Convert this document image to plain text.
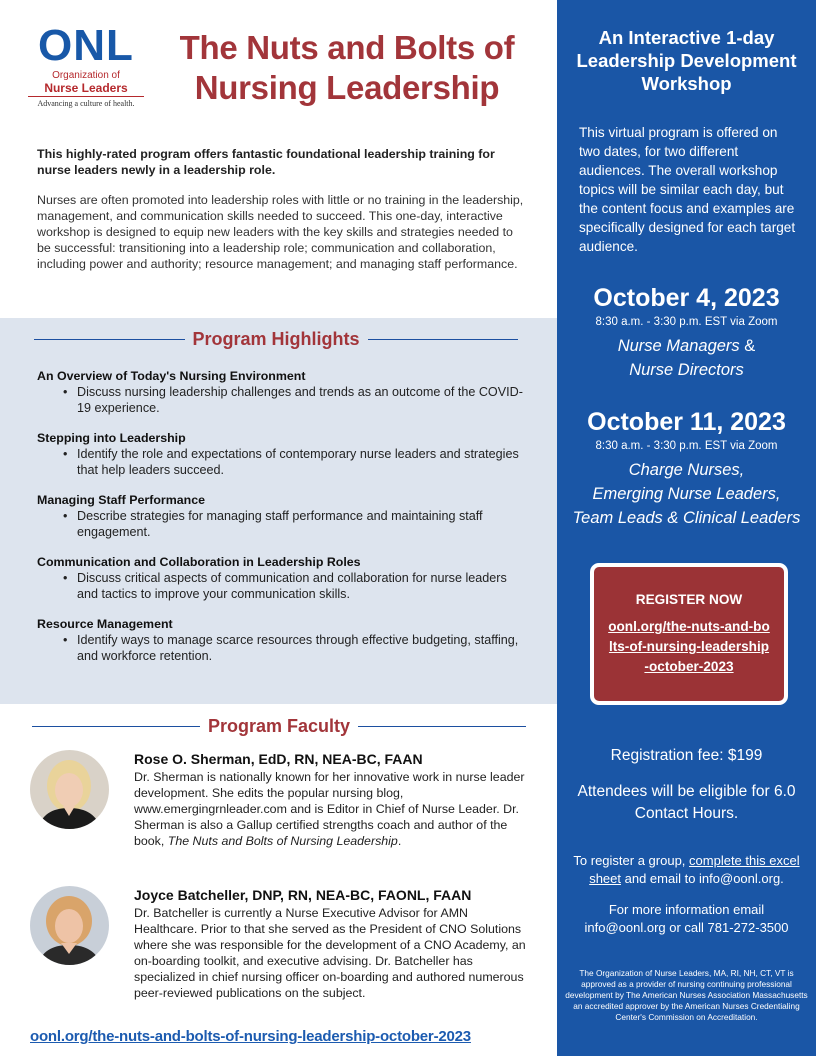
ONL
Organization of
Nurse Leaders
Advancing a culture of health.
The Nuts and Bolts of Nursing Leadership

This highly-rated program offers fantastic foundational leadership training for nurse leaders newly in a leadership role.

Nurses are often promoted into leadership roles with little or no training in the leadership, management, and communication skills needed to succeed. This one-day, interactive workshop is designed to equip new leaders with the key skills and strategies needed to be successful: transitioning into a leadership role; communication and collaboration, including power and authority; resource management; and managing staff performance.

Program Highlights
An Overview of Today's Nursing Environment
• Discuss nursing leadership challenges and trends as an outcome of the COVID-19 experience.
Stepping into Leadership
• Identify the role and expectations of contemporary nurse leaders and strategies that help leaders succeed.
Managing Staff Performance
• Describe strategies for managing staff performance and maintaining staff engagement.
Communication and Collaboration in Leadership Roles
• Discuss critical aspects of communication and collaboration for nurse leaders and tactics to improve your communication skills.
Resource Management
• Identify ways to manage scarce resources through effective budgeting, staffing, and workforce retention.
Program Faculty
Rose O. Sherman, EdD, RN, NEA-BC, FAAN
Dr. Sherman is nationally known for her innovative work in nurse leader development. She edits the popular nursing blog, www.emergingrnleader.com and is Editor in Chief of Nurse Leader. Dr. Sherman is also a Gallup certified strengths coach and author of the book, The Nuts and Bolts of Nursing Leadership.
Joyce Batcheller, DNP, RN, NEA-BC, FAONL, FAAN
Dr. Batcheller is currently a Nurse Executive Advisor for AMN Healthcare. Prior to that she served as the President of CNO Solutions where she was responsible for the development of a CNO Academy, an on-boarding toolkit, and executive advising. Dr. Batcheller has specialized in chief nursing officer on-boarding and authored numerous peer-reviewed publications on the subject.
oonl.org/the-nuts-and-bolts-of-nursing-leadership-october-2023
An Interactive 1-day Leadership Development Workshop

This virtual program is offered on two dates, for two different audiences. The overall workshop topics will be similar each day, but the content focus and examples are specifically designed for each target audience.

October 4, 2023
8:30 a.m. - 3:30 p.m. EST via Zoom
Nurse Managers &
Nurse Directors
October 11, 2023
8:30 a.m. - 3:30 p.m. EST via Zoom
Charge Nurses,
Emerging Nurse Leaders,
Team Leads & Clinical Leaders
REGISTER NOW
oonl.org/the-nuts-and-bolts-of-nursing-leadership-october-2023
Registration fee: $199
Attendees will be eligible for 6.0 Contact Hours.
To register a group, complete this excel sheet and email to info@oonl.org.
For more information email info@oonl.org or call 781-272-3500
The Organization of Nurse Leaders, MA, RI, NH, CT, VT is approved as a provider of nursing continuing professional development by The American Nurses Association Massachusetts an accredited approver by the American Nurses Credentialing Center's Commission on Accreditation.
